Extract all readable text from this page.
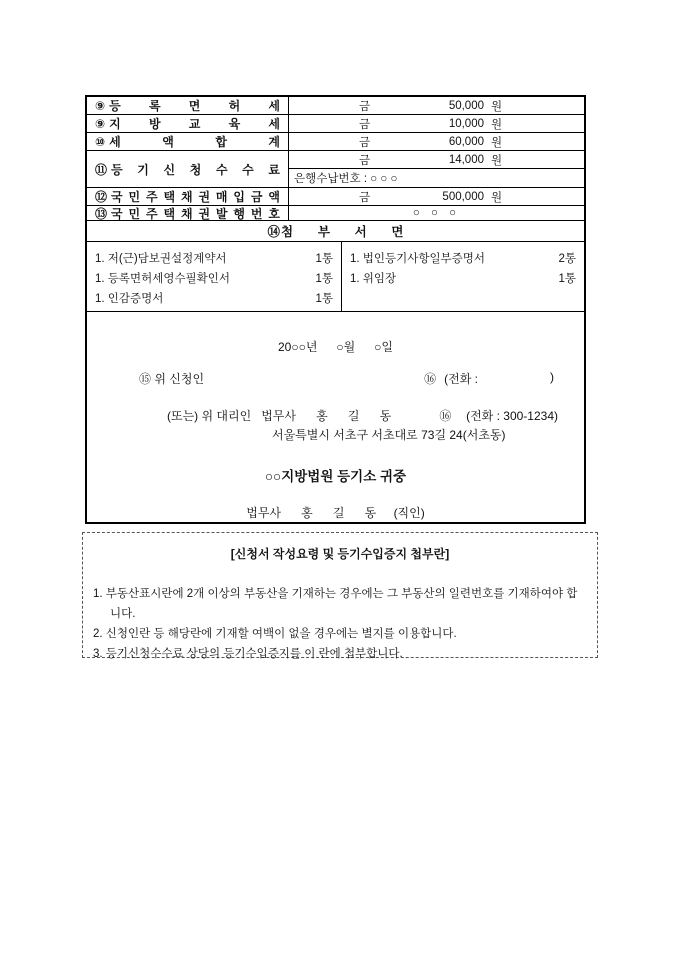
⑨ 등 록 면 허 세	금	50,000 원
⑨ 지 방 교 육 세	금	10,000 원
⑩ 세 액 합 계	금	60,000 원
⑪ 등 기 신 청 수 수 료
금	14,000 원
은행수납번호 : ○ ○ ○
⑫ 국 민 주 택 채 권 매 입 금 액	금	500,000 원
⑬ 국 민 주 택 채 권 발 행 번 호	○ ○ ○
⑭ 첨 부 서 면
1. 저(근)담보권설정계약서	1통
1. 등록면허세영수필확인서	1통
1. 인감증명서	1통
1. 법인등기사항일부증명서	2통
1. 위임장	1통
20○○년 ○월 ○일
⑮ 위 신청인	⑯ (전화 :	)
(또는) 위 대리인 법무사 홍 길 동	⑯ (전화 : 300-1234)
서울특별시 서초구 서초대로 73길 24(서초동)
○○지방법원 등기소 귀중
법무사 홍 길 동 (직인)
[신청서 작성요령 및 등기수입증지 첩부란]
1. 부동산표시란에 2개 이상의 부동산을 기재하는 경우에는 그 부동산의 일련번호를 기재하여야 합니다.
2. 신청인란 등 해당란에 기재할 여백이 없을 경우에는 별지를 이용합니다.
3. 등기신청수수료 상당의 등기수입증지를 이 란에 첩부합니다.
